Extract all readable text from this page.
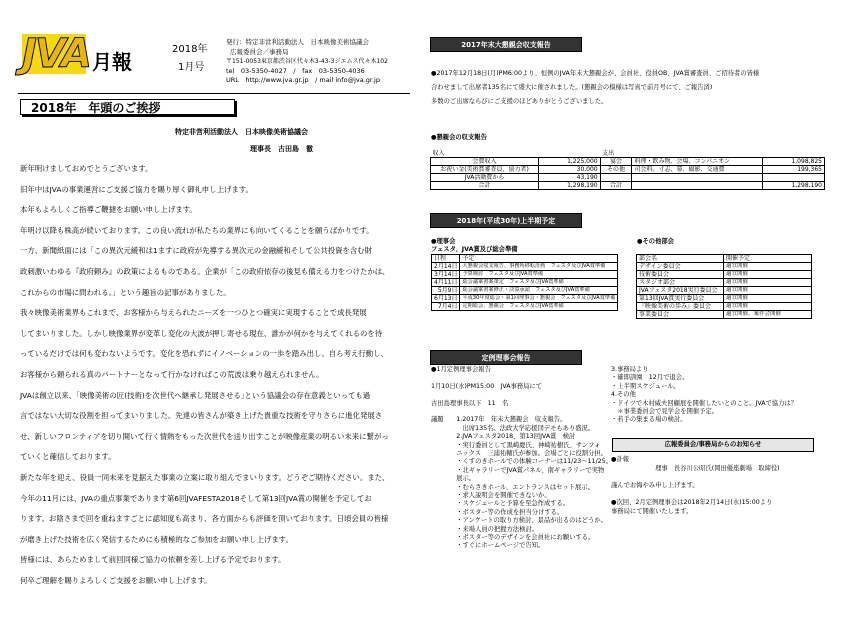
JVA 月報
2018年
1月号
発行：特定非営利活動法人　日本映像美術協議会
広報委員会／事務局
〒151-0053東京都渋谷区代々木3-43-3ジエムス代々木102
tel　03-5350-4027　/　fax　03-5350-4036
URL　http://www.jva.gr.jp　/ mail info@jva.gr.jp
2018年　年頭のご挨拶
特定非営利活動法人　日本映像美術協議会
理事長　古田島　徹

新年明けましておめでとうございます。

旧年中はJVAの事業運営にご支援ご協力を賜り厚く御礼申し上げます。

本年もよろしくご指導ご鞭撻をお願い申し上げます。

年明け以降も株高が続いております。この良い流れが私たちの業界にも向いてくることを願うばかりです。

一方、新聞紙面には「この異次元緩和は1ますに政府が先導する異次元の金融緩和そして公共投資を含む財

政刺激いわゆる『政府頼み』の政策によるものである。企業が「この政府依存の後見も備える力をつけたかは、

これからの市場に問われる。」という趣旨の記事がありました。

我々映像美術業界もこれまで、お客様から与えられたニーズを一つひとつ確実に実現することで成長発展

してまいりました。しかし映像業界が変革し変化の大波が押し寄せる現在、誰かが何かを与えてくれるのを待

っているだけでは何も変わないようです。変化を恐れずにイノベーションの一歩を踏み出し、自ら考え行動し、

お客様から頼られる真のパートナーとなって行かなければこの荒波は乗り越えられません。

JVAは創立以来、｢映像美術の匠(技術)を次世代へ継承し発展させる｣という協議会の存在意義といっても過

言ではない大切な役割を担ってまいりました。先達の皆さんが築き上げた貴重な技術を守りさらに進化発展さ

せ、新しいフロンティアを切り開いて行く情熱をもった次世代を送り出すことが映像産業の明るい未来に繋がっ

ていくと確信しております。

新たな年を迎え、役員一同未来を見据えた事業の立案に取り組んでまいります。どうぞご期待ください。また、

今年の11月には、JVAの重点事業であります第6回JVAFESTA2018そして第13回JVA賞の開催を予定してお

ります。お陰さまで回を重ねますごとに認知度も高まり、各方面からも評価を頂いております。日頃会員の皆様

が磨き上げた技術を広く発信するためにも積極的なご参加をお願い申し上げます。

皆様には、あらためまして前回同様ご協力の依頼を差し上げる予定でおります。

何卒ご理解を賜りよろしくご支援をお願い申し上げます。

2017年末大懇親会収支報告
●2017年12月18日(月)PM6:00より、恒例のJVA年末大懇親会が、会員社、役員OB、JVA賞審査員、ご招待者の皆様
合わせまして出席者135名にて盛大に催されました。(懇親会の模様は写真で前月号にて、ご報告済)
多数のご出席ならびにご支援のほどありがとうございました。
●懇親会の収支報告
収入		支出		
会費収入	1,225,000	宴会	料理・飲み物、会場、コンパニオン	1,098,825
お祝い金(美術賞審査員、協力者)	30,000	その他	司会料、寸志、幕、撮影、交通費	199,365
JVA活動費から	43,190			
合計	1,298,190	合計		1,298,190
2018年(平成30年)上半期予定
●理事会
フェスタ、JVA賞及び総会準備
日程	予定
2月14日	大懇親会収支報告、事務所移転計画　フェスタ及びJVA賞準備
3月14日	予算検討　フェスタ及びJVA賞準備
4月11日	総会議案書案策定　フェスタ及びJVA賞準備
5月9日	総会議案書案修正・決算承認　フェスタ及びJVA賞準備
6月13日	平成30年度総会・第1回理事会・懇親会　フェスタ及びJVA賞準備
7月4日	定期総会、懇親会　フェスタ及びJVA賞準備
●その他部会
部会名	開催予定
デザイン委員会	適宜開催
技術委員会	適宜開催
スタジオ部会	適宜開催
JVAフェスタ2018実行委員会	適宜開催
第13回JVA賞実行委員会	適宜開催
『映像美術の歩み』委員会	適宜開催
事業委員会	適宜開催、案件会開催
定例理事会報告
●1月定例理事会報告
1月10日(水)PM15:00　JVA事務局にて
古田島理事長以下　11　名
議題　　1.2017年　年末大懇親会　収支報告。
　　　　　出席135名。法政大学応援団デモもあり盛況。
　　　　2.JVAフェスタ2018、第13回JVA賞　検討
　　　　・実行委員として黒崎慶氏、神崎祐樹氏、サンフォ
　　　　ニックス　三浦祐輔氏が参加。会場ごとに役割分担。
　　　　・くすのきホールでの体験コーナーは11/23〜11/25。
　　　　・北ギャラリーでJVA賞パネル、南ギャラリーで実物
　　　　展示。
　　　　・むらさきホール、エントランスはセット展示。
　　　　・求人説明会を開催できないか。
　　　　・スケジュールと予算を至急作成する。
　　　　・ポスター等の作成を担当分けする。
　　　　・アンケートの取り方検討、景品が出るのはどうか。
　　　　・来場人員の把握方法検討。
　　　　・ポスター等のデザインを会員社にお願いする。
　　　　・すぐにホームページで告知。
3.事務局より
・確即訓園　12月で退会。
・上半期スケジュール。
4.その他
・ドイツで木村威夫回顧展を開催したいとのこと。JVAで協力は？
　＊事業委員会で見学会を開催予定。
・若手の集まる場の検討。
広報委員会/事務局からのお知らせ
●訃報
　　　　　　　理事　長谷川公昭氏(岡田優座劇場　取締役)
謹んでお悔やみ申し上げます。
●次回、2月定例理事会は2018年2月14日(水)15:00より
事務局にて開催いたします。
